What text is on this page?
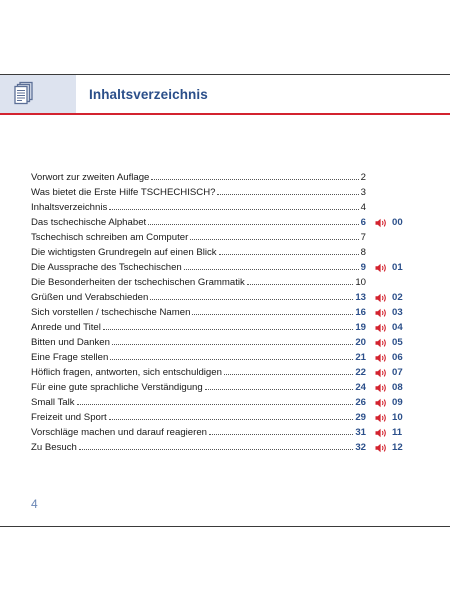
Inhaltsverzeichnis
Vorwort zur zweiten Auflage	2
Was bietet die Erste Hilfe TSCHECHISCH?	3
Inhaltsverzeichnis	4
Das tschechische Alphabet	6	00
Tschechisch schreiben am Computer	7
Die wichtigsten Grundregeln auf einen Blick	8
Die Aussprache des Tschechischen	9	01
Die Besonderheiten der tschechischen Grammatik	10
Grüßen und Verabschieden	13	02
Sich vorstellen / tschechische Namen	16	03
Anrede und Titel	19	04
Bitten und Danken	20	05
Eine Frage stellen	21	06
Höflich fragen, antworten, sich entschuldigen	22	07
Für eine gute sprachliche Verständigung	24	08
Small Talk	26	09
Freizeit und Sport	29	10
Vorschläge machen und darauf reagieren	31	11
Zu Besuch	32	12
4
